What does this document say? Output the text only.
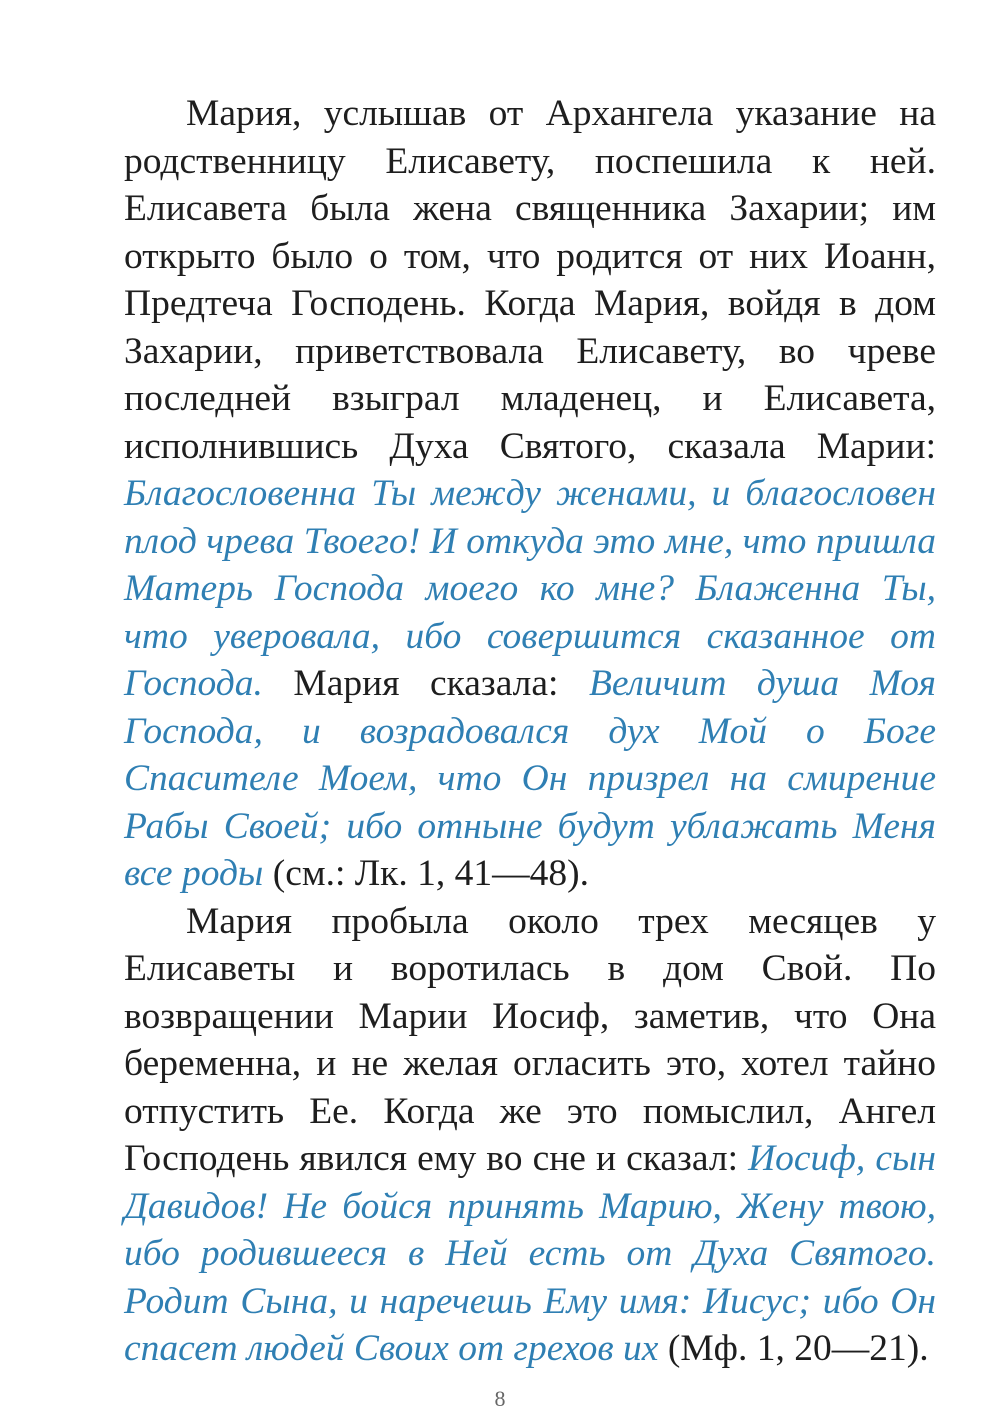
Мария, услышав от Архангела указание на родственницу Елисавету, поспешила к ней. Елисавета была жена священника Захарии; им открыто было о том, что родится от них Иоанн, Предтеча Господень. Когда Мария, войдя в дом Захарии, приветствовала Елисавету, во чреве последней взыграл младенец, и Елисавета, исполнившись Духа Святого, сказала Марии: Благословенна Ты между женами, и благословен плод чрева Твоего! И откуда это мне, что пришла Матерь Господа моего ко мне? Блаженна Ты, что уверовала, ибо совершится сказанное от Господа. Мария сказала: Величит душа Моя Господа, и возрадовался дух Мой о Боге Спасителе Моем, что Он призрел на смирение Рабы Своей; ибо отныне будут ублажать Меня все роды (см.: Лк. 1, 41—48).

Мария пробыла около трех месяцев у Елисаветы и воротилась в дом Свой. По возвращении Марии Иосиф, заметив, что Она беременна, и не желая огласить это, хотел тайно отпустить Ее. Когда же это помыслил, Ангел Господень явился ему во сне и сказал: Иосиф, сын Давидов! Не бойся принять Марию, Жену твою, ибо родившееся в Ней есть от Духа Святого. Родит Сына, и наречешь Ему имя: Иисус; ибо Он спасет людей Своих от грехов их (Мф. 1, 20—21).

8
